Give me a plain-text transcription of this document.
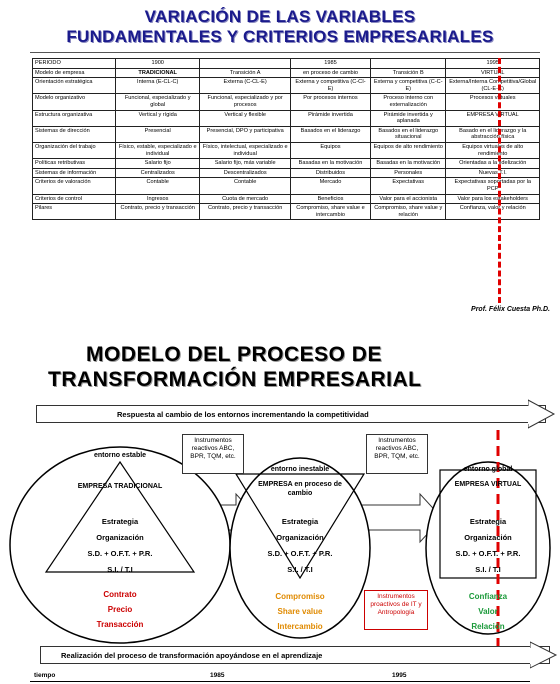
VARIACIÓN DE LAS VARIABLES
FUNDAMENTALES Y CRITERIOS EMPRESARIALES
PERIODO	1900		1985		1995
Modelo de empresa	TRADICIONAL	Transición A	en proceso de cambio	Transición B	VIRTUAL
Orientación estratégica	Interna (E-CL-C)	Externa (C-CL-E)	Externa y competitiva (C-CI-E)	Externa y competitiva (C-C-E)	Externa/Interna Competitiva/Global (CL-E-C)
Modelo organizativo	Funcional, especializado y global	Funcional, especializado y por procesos	Por procesos internos	Proceso interno con externalización	Procesos virtuales
Estructura organizativa	Vertical y rígida	Vertical y flexible	Pirámide invertida	Pirámide invertida y aplanada	EMPRESA VIRTUAL
Sistemas de dirección	Presencial	Presencial, DPO y participativa	Basados en el liderazgo	Basados en el liderazgo situacional	Basado en el liderazgo y la abstracción física
Organización del trabajo	Físico, estable, especializado e individual	Físico, intelectual, especializado e individual	Equipos	Equipos de alto rendimiento	Equipos virtuales de alto rendimiento
Políticas retributivas	Salario fijo	Salario fijo, más variable	Basadas en la motivación	Basadas en la motivación	Orientadas a la fidelización
Sistemas de información	Centralizados	Descentralizados	Distribuidos	Personales	Nuevas T.I.
Criterios de valoración	Contable	Contable	Mercado	Expectativas	Expectativas soportadas por la PCP
Criterios de control	Ingresos	Cuota de mercado	Beneficios	Valor para el accionista	Valor para los estakeholders
Pilares	Contrato, precio y transacción	Contrato, precio y transacción	Compromiso, share value e intercambio	Compromiso, share value y relación	Confianza, valor y relación
Prof. Félix Cuesta Ph.D.
MODELO DEL PROCESO DE
TRANSFORMACIÓN EMPRESARIAL
Respuesta al cambio de los entornos incrementando la competitividad
Instrumentos reactivos ABC, BPR, TQM, etc.
Instrumentos reactivos ABC, BPR, TQM, etc.
Instrumentos proactivos de IT y Antropología
entorno estable
EMPRESA TRADICIONAL
Estrategia
Organización
S.D. + O.F.T. + P.R.
S.I. / T.I
Contrato
Precio
Transacción
entorno inestable
EMPRESA en proceso de cambio
Estrategia
Organización
S.D. + O.F.T. + P.R.
S.I. / T.I
Compromiso
Share value
Intercambio
entorno global
EMPRESA VIRTUAL
Estrategia
Organización
S.D. + O.F.T. + P.R.
S.I. / T.I
Confianza
Valor
Relación
Realización del proceso de transformación apoyándose en el aprendizaje
tiempo	1985	1995
